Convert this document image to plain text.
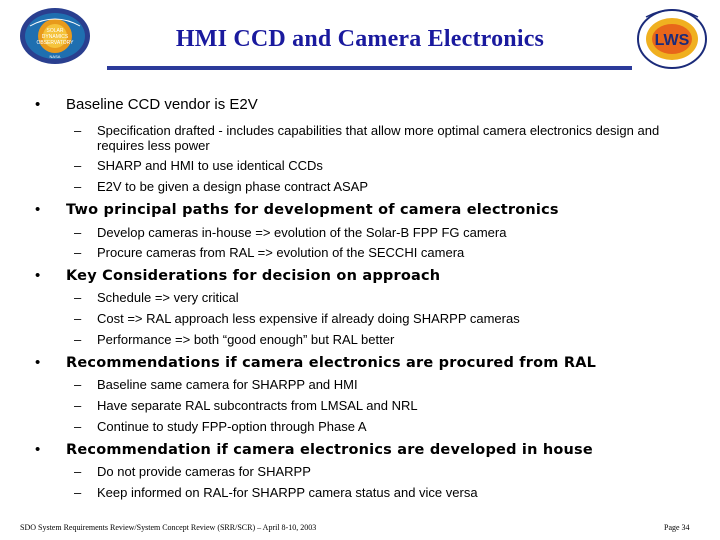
SOLAR
DYNAMICS
OBSERVATORY
NASA
LWS
HMI CCD and Camera Electronics
• Baseline CCD vendor is E2V
– Specification drafted - includes capabilities that allow more optimal camera electronics design and requires less power
– SHARP and HMI to use identical CCDs
– E2V to be given a design phase contract ASAP
• Two principal paths for development of camera electronics
– Develop cameras in-house => evolution of the Solar-B FPP FG camera
– Procure cameras from RAL => evolution of the SECCHI camera
• Key Considerations for decision on approach
– Schedule => very critical
– Cost => RAL approach less expensive if already doing SHARPP cameras
– Performance => both “good enough” but RAL better
• Recommendations if camera electronics are procured from RAL
– Baseline same camera for SHARPP and HMI
– Have separate RAL subcontracts from LMSAL and NRL
– Continue to study FPP-option through Phase A
• Recommendation if camera electronics are developed in house
– Do not provide cameras for SHARPP
– Keep informed on RAL-for SHARPP camera status and vice versa
SDO System Requirements Review/System Concept Review (SRR/SCR) – April 8-10, 2003	Page 34
